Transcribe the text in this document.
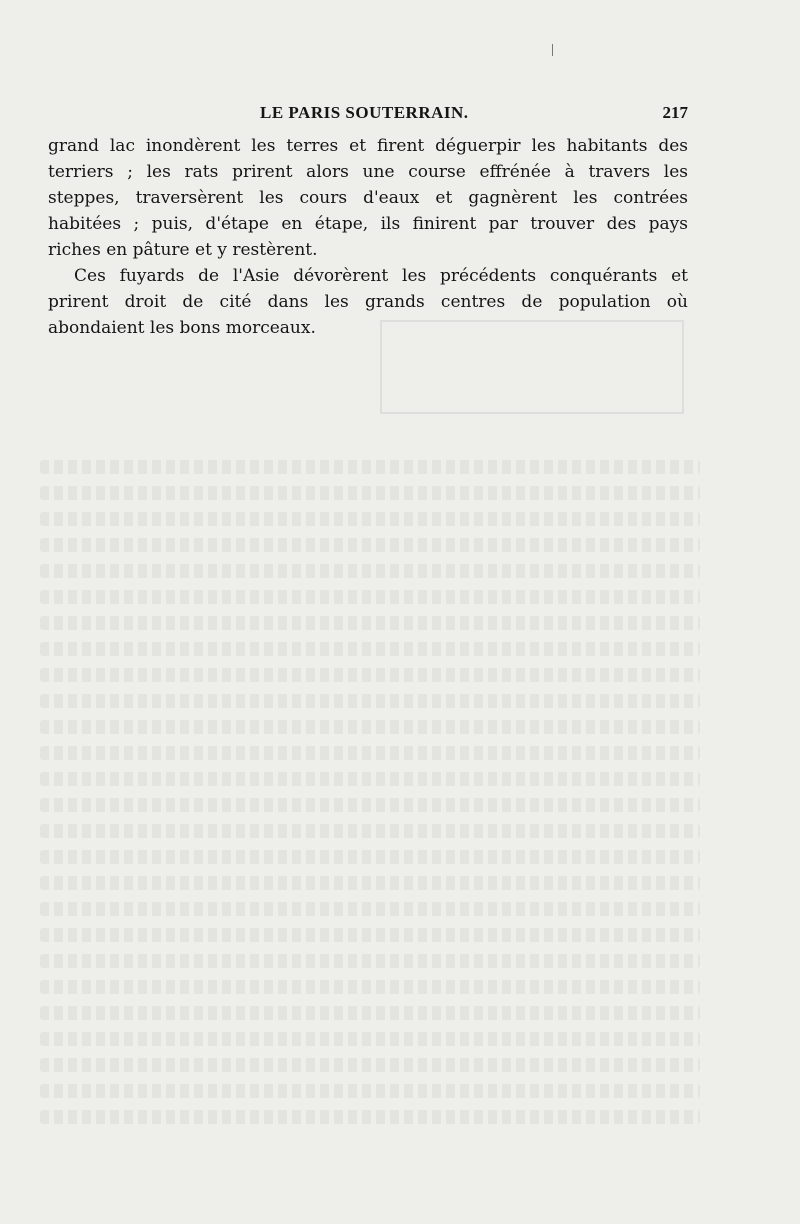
LE PARIS SOUTERRAIN.	217
grand lac inondèrent les terres et firent déguerpir les habitants des
terriers ; les rats prirent alors une course effrénée à travers les
steppes, traversèrent les cours d'eaux et gagnèrent les contrées
habitées ; puis, d'étape en étape, ils finirent par trouver des pays
riches en pâture et y restèrent.
Ces fuyards de l'Asie dévorèrent les précédents conquérants et
prirent droit de cité dans les grands centres de population où
abondaient les bons morceaux.
